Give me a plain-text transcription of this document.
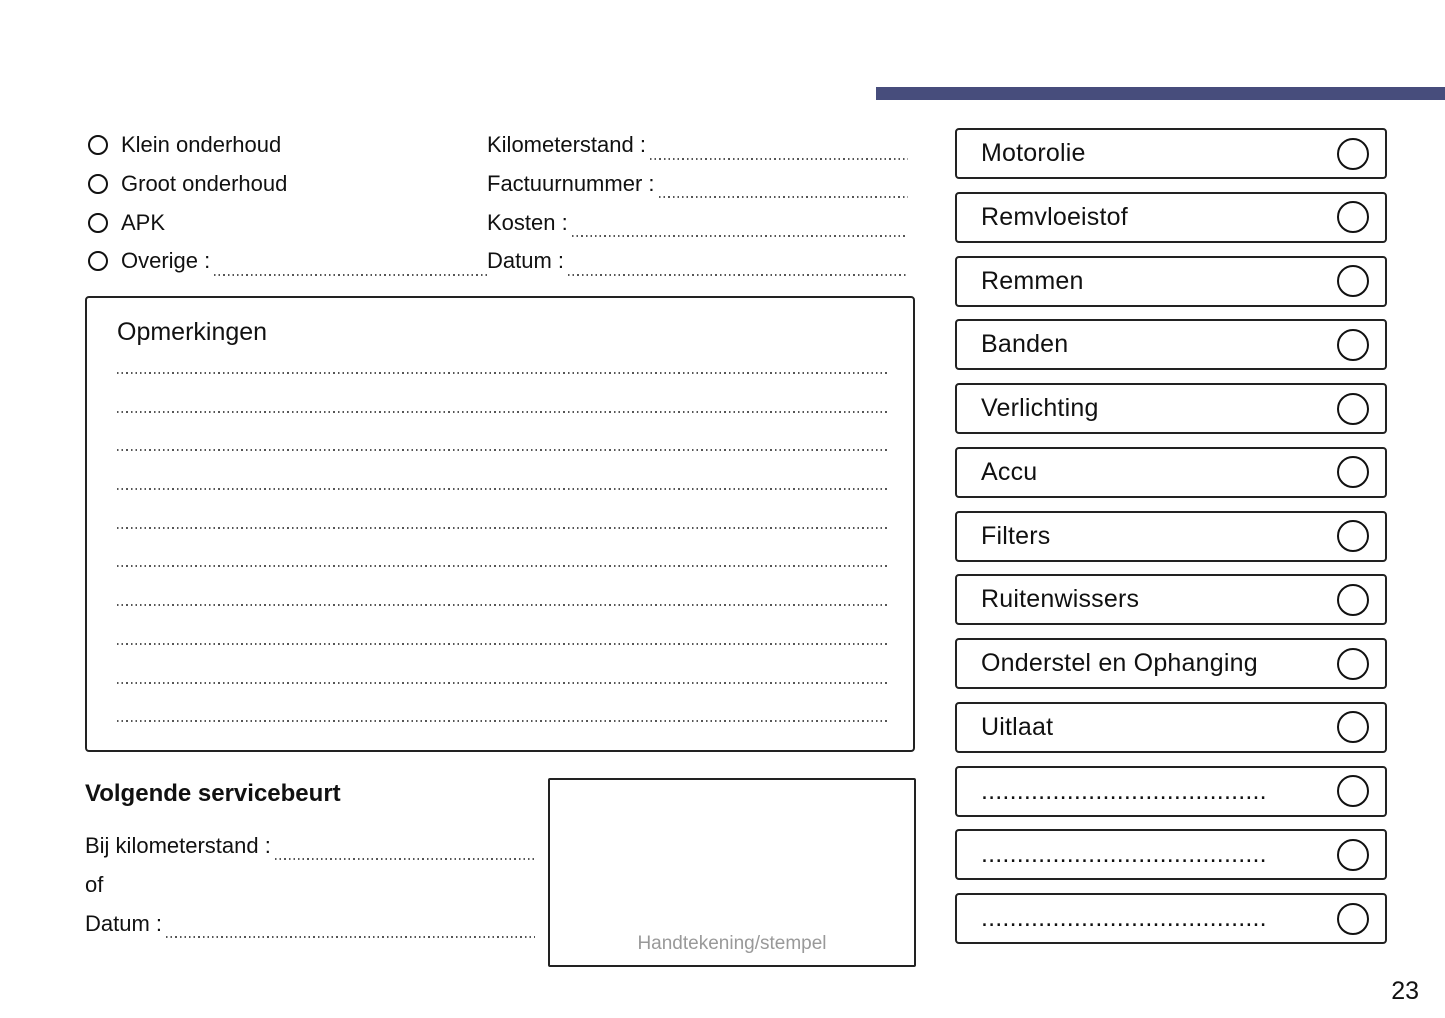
Klein onderhoud
Groot onderhoud
APK
Overige :
Kilometerstand :
Factuurnummer :
Kosten :
Datum :
Opmerkingen
Volgende servicebeurt
Bij kilometerstand :
of
Datum :
Handtekening/stempel
Motorolie
Remvloeistof
Remmen
Banden
Verlichting
Accu
Filters
Ruitenwissers
Onderstel en Ophanging
Uitlaat
........................................
........................................
........................................
23
